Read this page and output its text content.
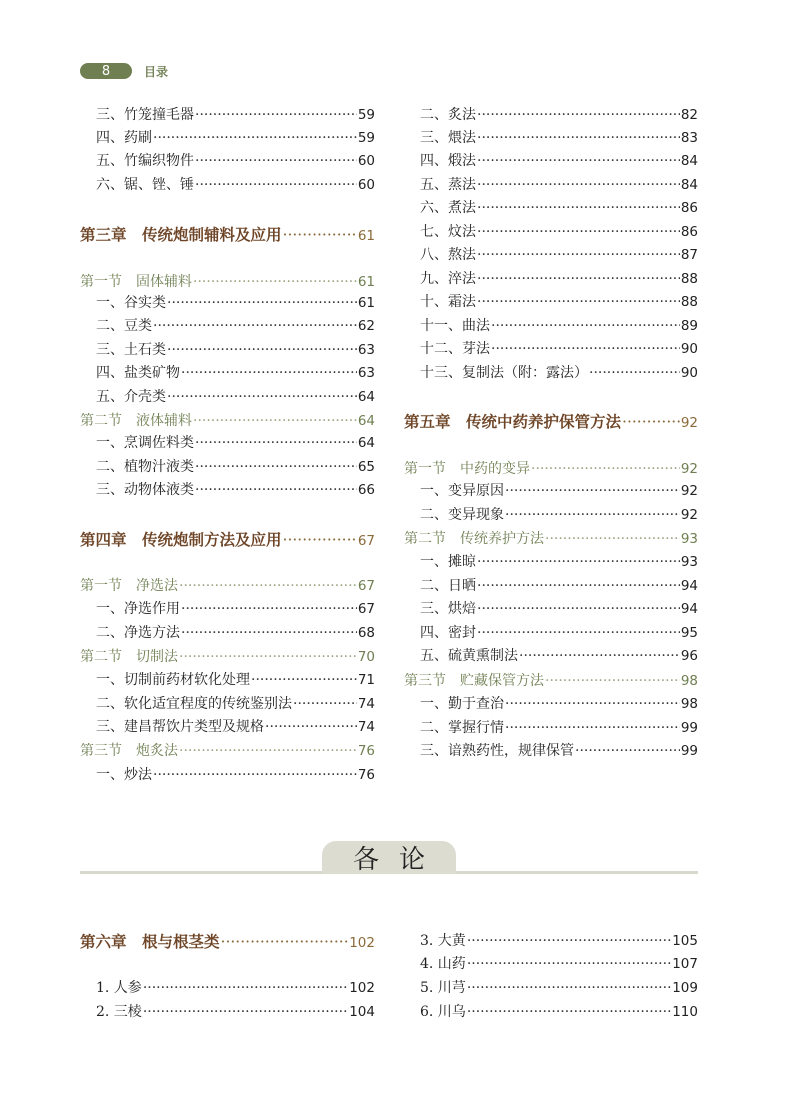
8	目录
三、竹笼撞毛器 ·····	59
四、药刷 ·····	59
五、竹编织物件 ·····	60
六、锯、锉、锤 ·····	60
第三章　传统炮制辅料及应用 ·····	61
第一节　固体辅料 ·····	61
一、谷实类 ·····	61
二、豆类 ·····	62
三、土石类 ·····	63
四、盐类矿物 ·····	63
五、介壳类 ·····	64
第二节　液体辅料 ·····	64
一、烹调佐料类 ·····	64
二、植物汁液类 ·····	65
三、动物体液类 ·····	66
第四章　传统炮制方法及应用 ·····	67
第一节　净选法 ·····	67
一、净选作用 ·····	67
二、净选方法 ·····	68
第二节　切制法 ·····	70
一、切制前药材软化处理 ·····	71
二、软化适宜程度的传统鉴别法 ·····	74
三、建昌帮饮片类型及规格 ·····	74
第三节　炮炙法 ·····	76
一、炒法 ·····	76
二、炙法 ·····	82
三、煨法 ·····	83
四、煅法 ·····	84
五、蒸法 ·····	84
六、煮法 ·····	86
七、炆法 ·····	86
八、熬法 ·····	87
九、淬法 ·····	88
十、霜法 ·····	88
十一、曲法 ·····	89
十二、芽法 ·····	90
十三、复制法（附：露法） ·····	90
第五章　传统中药养护保管方法 ·····	92
第一节　中药的变异 ·····	92
一、变异原因 ·····	92
二、变异现象 ·····	92
第二节　传统养护方法 ·····	93
一、摊晾 ·····	93
二、日晒 ·····	94
三、烘焙 ·····	94
四、密封 ·····	95
五、硫黄熏制法 ·····	96
第三节　贮藏保管方法 ·····	98
一、勤于查治 ·····	98
二、掌握行情 ·····	99
三、谙熟药性，规律保管 ·····	99
各论
第六章　根与根茎类 ·····	102
1. 人参 ·····	102
2. 三棱 ·····	104
3. 大黄 ·····	105
4. 山药 ·····	107
5. 川芎 ·····	109
6. 川乌 ·····	110
